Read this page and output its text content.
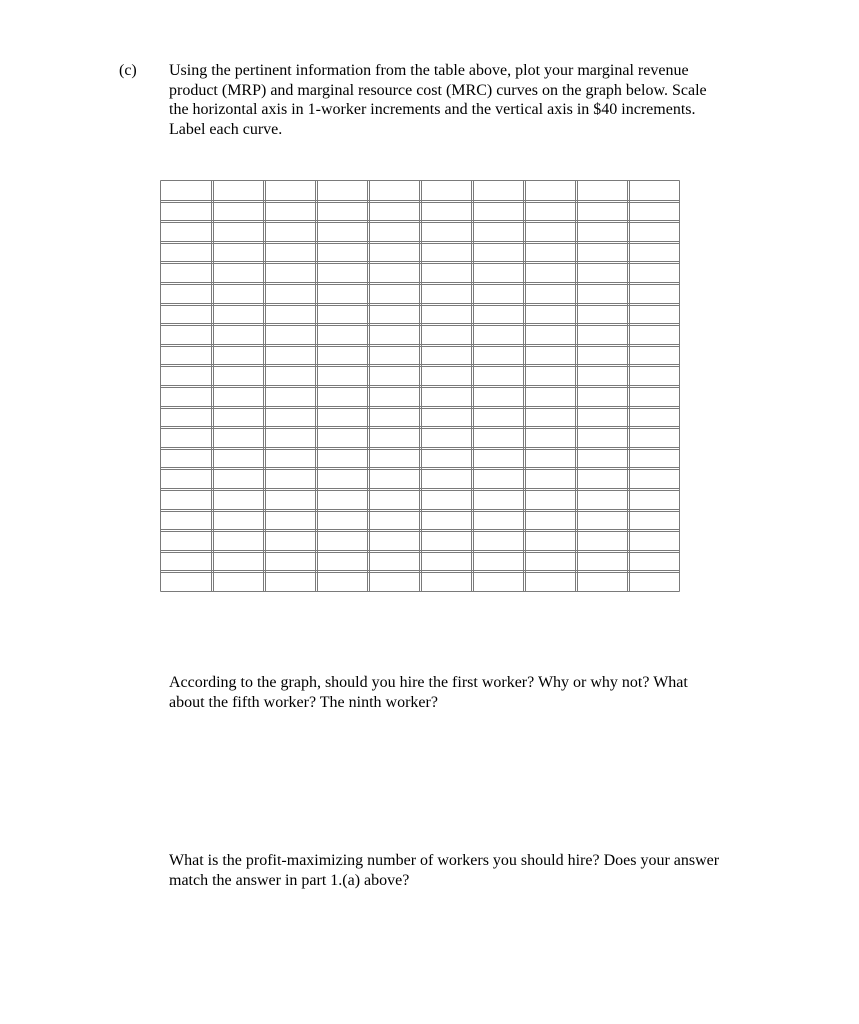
(c) Using the pertinent information from the table above, plot your marginal revenue
product (MRP) and marginal resource cost (MRC) curves on the graph below. Scale
the horizontal axis in 1-worker increments and the vertical axis in $40 increments.
Label each curve.
According to the graph, should you hire the first worker? Why or why not? What
about the fifth worker? The ninth worker?
What is the profit-maximizing number of workers you should hire? Does your answer
match the answer in part 1.(a) above?
